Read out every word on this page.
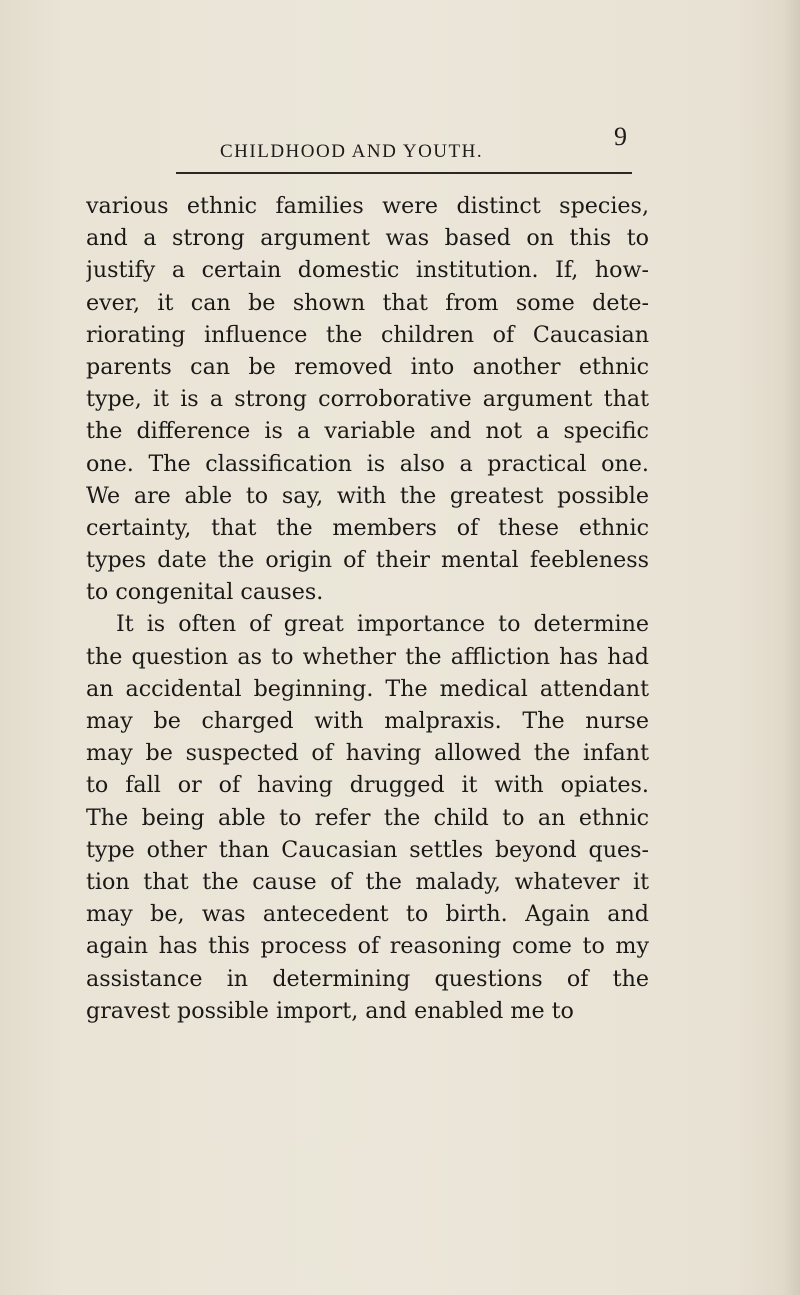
CHILDHOOD AND YOUTH.
9
various ethnic families were distinct species,
and a strong argument was based on this to
justify a certain domestic institution. If, how-
ever, it can be shown that from some dete-
riorating influence the children of Caucasian
parents can be removed into another ethnic
type, it is a strong corroborative argument that
the difference is a variable and not a specific
one. The classification is also a practical one.
We are able to say, with the greatest possible
certainty, that the members of these ethnic
types date the origin of their mental feebleness
to congenital causes.
It is often of great importance to determine
the question as to whether the affliction has had
an accidental beginning. The medical attendant
may be charged with malpraxis. The nurse
may be suspected of having allowed the infant
to fall or of having drugged it with opiates.
The being able to refer the child to an ethnic
type other than Caucasian settles beyond ques-
tion that the cause of the malady, whatever it
may be, was antecedent to birth. Again and
again has this process of reasoning come to my
assistance in determining questions of the
gravest possible import, and enabled me to
